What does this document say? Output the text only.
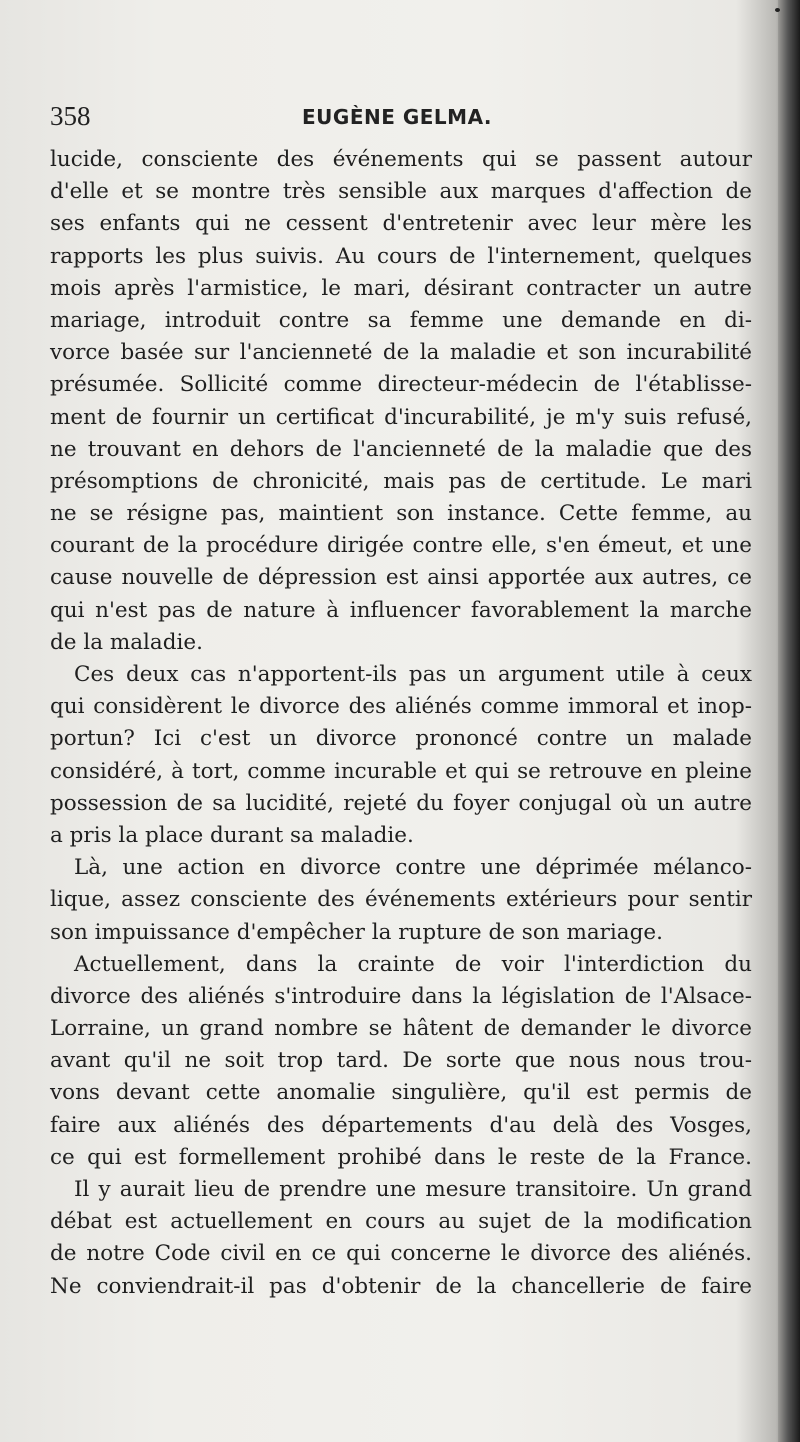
358	EUGÈNE GELMA.
lucide, consciente des événements qui se passent autour
d'elle et se montre très sensible aux marques d'affection de
ses enfants qui ne cessent d'entretenir avec leur mère les
rapports les plus suivis. Au cours de l'internement, quelques
mois après l'armistice, le mari, désirant contracter un autre
mariage, introduit contre sa femme une demande en di-
vorce basée sur l'ancienneté de la maladie et son incurabilité
présumée. Sollicité comme directeur-médecin de l'établisse-
ment de fournir un certificat d'incurabilité, je m'y suis refusé,
ne trouvant en dehors de l'ancienneté de la maladie que des
présomptions de chronicité, mais pas de certitude. Le mari
ne se résigne pas, maintient son instance. Cette femme, au
courant de la procédure dirigée contre elle, s'en émeut, et une
cause nouvelle de dépression est ainsi apportée aux autres, ce
qui n'est pas de nature à influencer favorablement la marche
de la maladie.
Ces deux cas n'apportent-ils pas un argument utile à ceux
qui considèrent le divorce des aliénés comme immoral et inop-
portun? Ici c'est un divorce prononcé contre un malade
considéré, à tort, comme incurable et qui se retrouve en pleine
possession de sa lucidité, rejeté du foyer conjugal où un autre
a pris la place durant sa maladie.
Là, une action en divorce contre une déprimée mélanco-
lique, assez consciente des événements extérieurs pour sentir
son impuissance d'empêcher la rupture de son mariage.
Actuellement, dans la crainte de voir l'interdiction du
divorce des aliénés s'introduire dans la législation de l'Alsace-
Lorraine, un grand nombre se hâtent de demander le divorce
avant qu'il ne soit trop tard. De sorte que nous nous trou-
vons devant cette anomalie singulière, qu'il est permis de
faire aux aliénés des départements d'au delà des Vosges,
ce qui est formellement prohibé dans le reste de la France.
Il y aurait lieu de prendre une mesure transitoire. Un grand
débat est actuellement en cours au sujet de la modification
de notre Code civil en ce qui concerne le divorce des aliénés.
Ne conviendrait-il pas d'obtenir de la chancellerie de faire
